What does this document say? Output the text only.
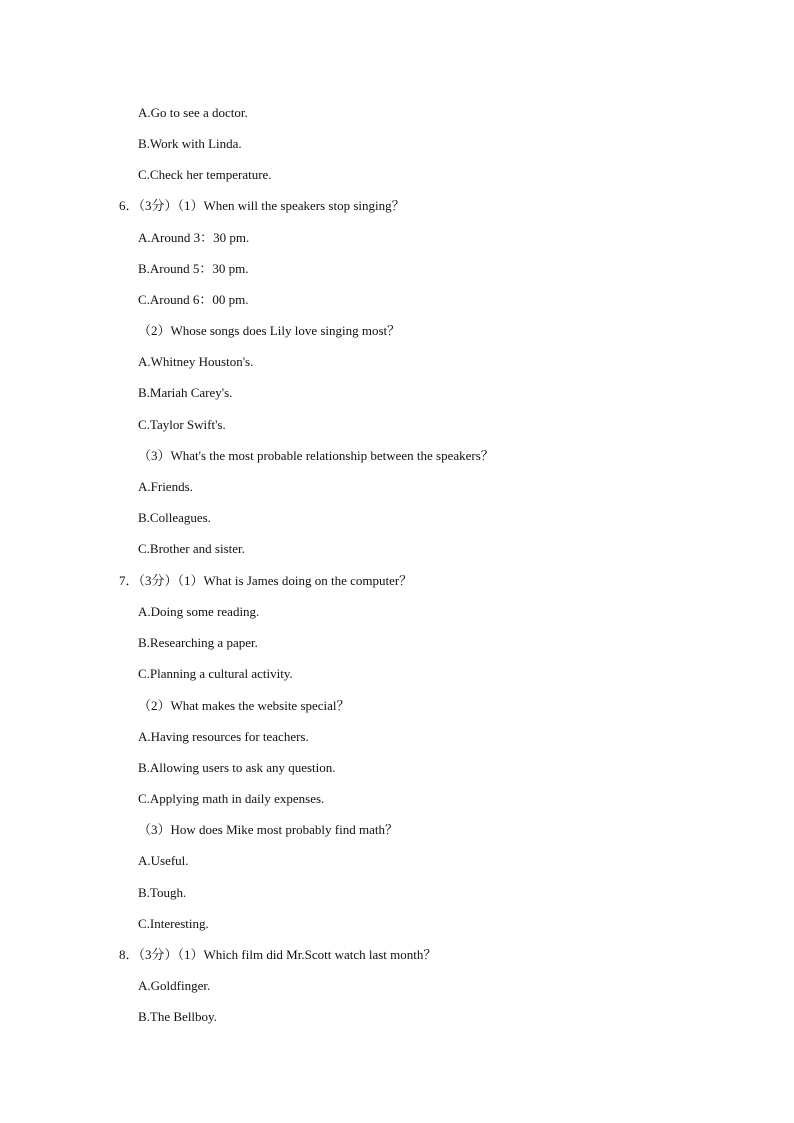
A.Go to see a doctor.
B.Work with Linda.
C.Check her temperature.
6．（3分）（1）When will the speakers stop singing？
A.Around 3：30 pm.
B.Around 5：30 pm.
C.Around 6：00 pm.
（2）Whose songs does Lily love singing most？
A.Whitney Houston's.
B.Mariah Carey's.
C.Taylor Swift's.
（3）What's the most probable relationship between the speakers？
A.Friends.
B.Colleagues.
C.Brother and sister.
7．（3分）（1）What is James doing on the computer？
A.Doing some reading.
B.Researching a paper.
C.Planning a cultural activity.
（2）What makes the website special？
A.Having resources for teachers.
B.Allowing users to ask any question.
C.Applying math in daily expenses.
（3）How does Mike most probably find math？
A.Useful.
B.Tough.
C.Interesting.
8．（3分）（1）Which film did Mr.Scott watch last month？
A.Goldfinger.
B.The Bellboy.
